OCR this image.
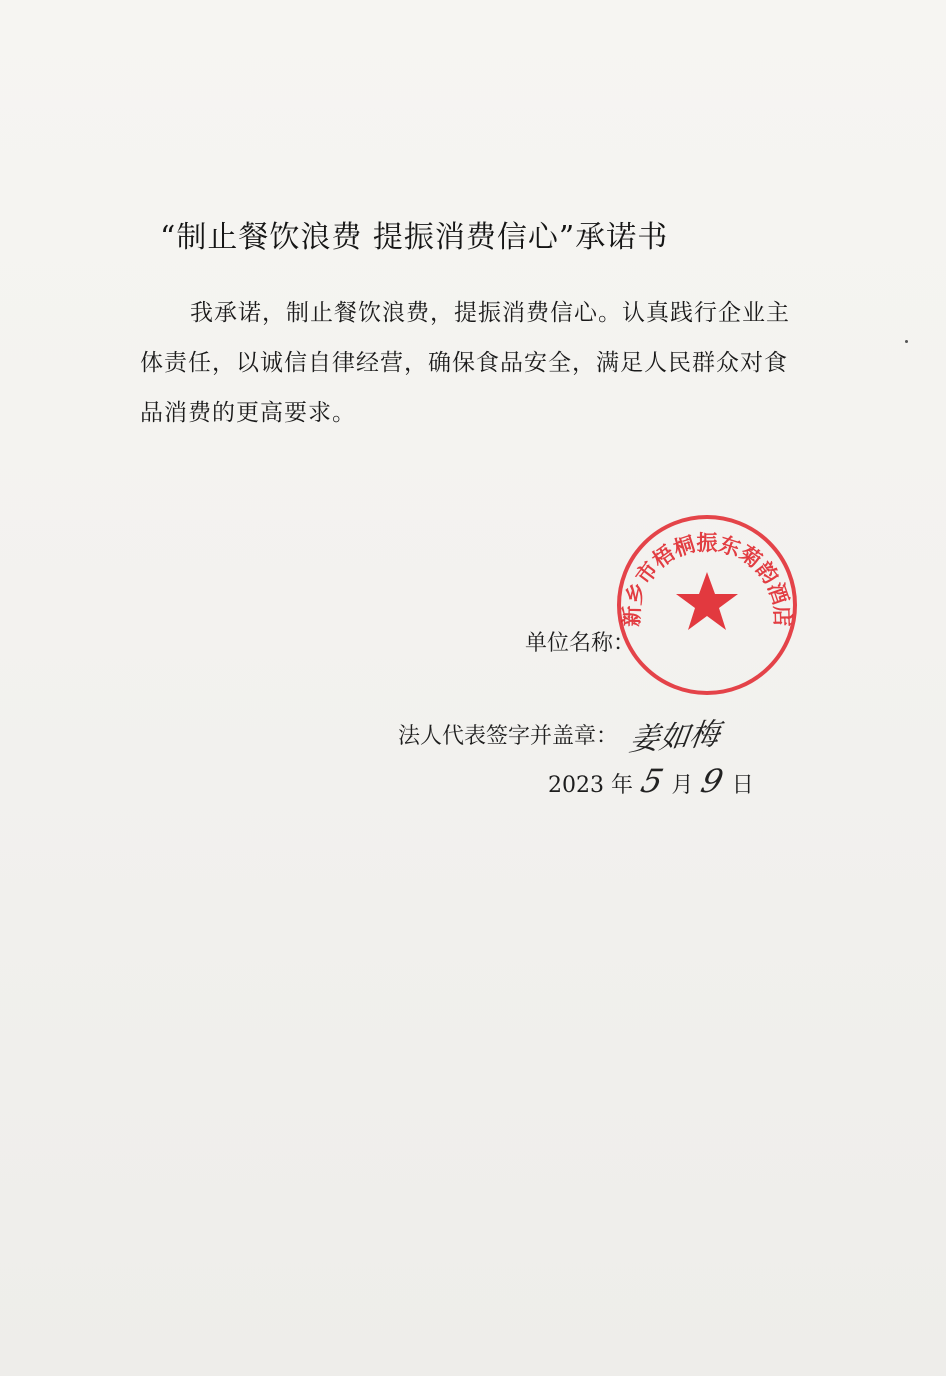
“制止餐饮浪费 提振消费信心”承诺书
我承诺，制止餐饮浪费，提振消费信心。认真践行企业主体责任，以诚信自律经营，确保食品安全，满足人民群众对食品消费的更高要求。
单位名称：
法人代表签字并盖章： 姜如梅
2023 年 5 月 9 日
新乡市梧桐振东菊韵酒店
